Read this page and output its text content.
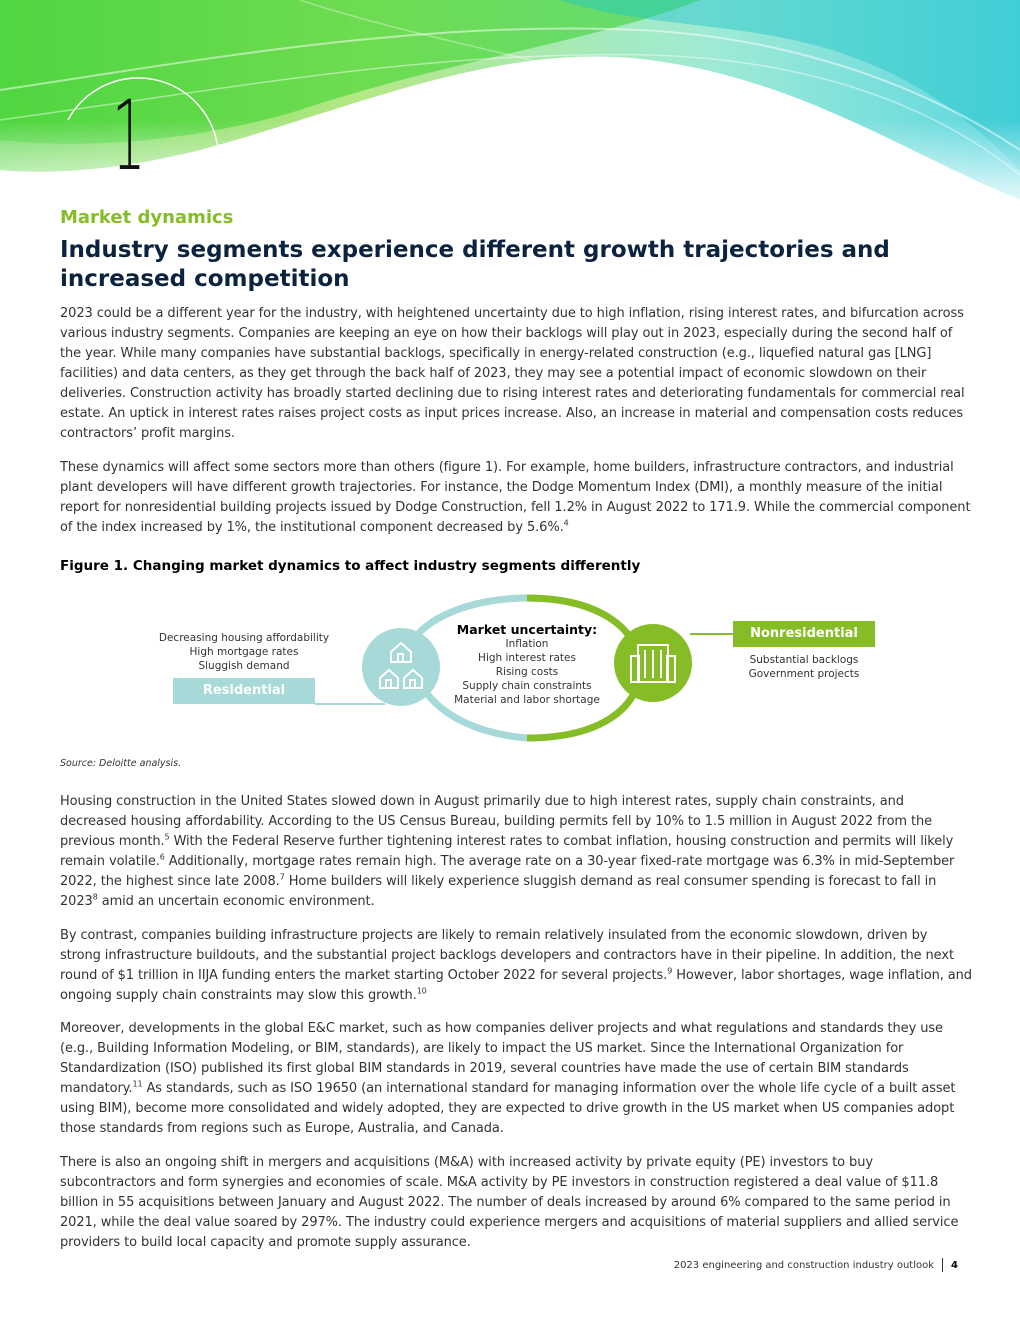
1
Market dynamics
Industry segments experience different growth trajectories and increased competition
2023 could be a different year for the industry, with heightened uncertainty due to high inflation, rising interest rates, and bifurcation across various industry segments. Companies are keeping an eye on how their backlogs will play out in 2023, especially during the second half of the year. While many companies have substantial backlogs, specifically in energy-related construction (e.g., liquefied natural gas [LNG] facilities) and data centers, as they get through the back half of 2023, they may see a potential impact of economic slowdown on their deliveries. Construction activity has broadly started declining due to rising interest rates and deteriorating fundamentals for commercial real estate. An uptick in interest rates raises project costs as input prices increase. Also, an increase in material and compensation costs reduces contractors’ profit margins.
These dynamics will affect some sectors more than others (figure 1). For example, home builders, infrastructure contractors, and industrial plant developers will have different growth trajectories. For instance, the Dodge Momentum Index (DMI), a monthly measure of the initial report for nonresidential building projects issued by Dodge Construction, fell 1.2% in August 2022 to 171.9. While the commercial component of the index increased by 1%, the institutional component decreased by 5.6%.$^4$
Figure 1. Changing market dynamics to affect industry segments differently
Decreasing housing affordability
High mortgage rates
Sluggish demand
Residential
Market uncertainty:
Inflation
High interest rates
Rising costs
Supply chain constraints
Material and labor shortage
Nonresidential
Substantial backlogs
Government projects
Source: Deloitte analysis.
Housing construction in the United States slowed down in August primarily due to high interest rates, supply chain constraints, and decreased housing affordability. According to the US Census Bureau, building permits fell by 10% to 1.5 million in August 2022 from the previous month.$^5$ With the Federal Reserve further tightening interest rates to combat inflation, housing construction and permits will likely remain volatile.$^6$ Additionally, mortgage rates remain high. The average rate on a 30-year fixed-rate mortgage was 6.3% in mid-September 2022, the highest since late 2008.$^7$ Home builders will likely experience sluggish demand as real consumer spending is forecast to fall in 2023$^8$ amid an uncertain economic environment.
By contrast, companies building infrastructure projects are likely to remain relatively insulated from the economic slowdown, driven by strong infrastructure buildouts, and the substantial project backlogs developers and contractors have in their pipeline. In addition, the next round of $1 trillion in IIJA funding enters the market starting October 2022 for several projects.$^9$ However, labor shortages, wage inflation, and ongoing supply chain constraints may slow this growth.$^{10}$
Moreover, developments in the global E&C market, such as how companies deliver projects and what regulations and standards they use (e.g., Building Information Modeling, or BIM, standards), are likely to impact the US market. Since the International Organization for Standardization (ISO) published its first global BIM standards in 2019, several countries have made the use of certain BIM standards mandatory.$^{11}$ As standards, such as ISO 19650 (an international standard for managing information over the whole life cycle of a built asset using BIM), become more consolidated and widely adopted, they are expected to drive growth in the US market when US companies adopt those standards from regions such as Europe, Australia, and Canada.
There is also an ongoing shift in mergers and acquisitions (M&A) with increased activity by private equity (PE) investors to buy subcontractors and form synergies and economies of scale. M&A activity by PE investors in construction registered a deal value of $11.8 billion in 55 acquisitions between January and August 2022. The number of deals increased by around 6% compared to the same period in 2021, while the deal value soared by 297%. The industry could experience mergers and acquisitions of material suppliers and allied service providers to build local capacity and promote supply assurance.
2023 engineering and construction industry outlook 4
